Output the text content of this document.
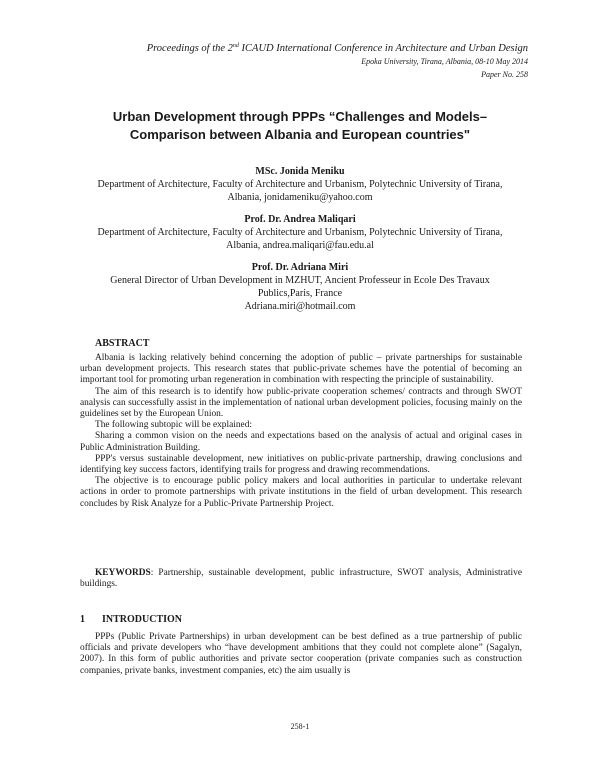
Proceedings of the 2nd ICAUD International Conference in Architecture and Urban Design
Epoka University, Tirana, Albania, 08-10 May 2014
Paper No. 258
Urban Development through PPPs “Challenges and Models–
Comparison between Albania and European countries"
MSc. Jonida Meniku
Department of Architecture, Faculty of Architecture and Urbanism, Polytechnic University of Tirana,
Albania, jonidameniku@yahoo.com
Prof. Dr. Andrea Maliqari
Department of Architecture, Faculty of Architecture and Urbanism, Polytechnic University of Tirana,
Albania, andrea.maliqari@fau.edu.al
Prof. Dr. Adriana Miri
General Director of Urban Development in MZHUT, Ancient Professeur in Ecole Des Travaux
Publics,Paris, France
Adriana.miri@hotmail.com
ABSTRACT

Albania is lacking relatively behind concerning the adoption of public – private partnerships for sustainable urban development projects. This research states that public-private schemes have the potential of becoming an important tool for promoting urban regeneration in combination with respecting the principle of sustainability.

The aim of this research is to identify how public-private cooperation schemes/ contracts and through SWOT analysis can successfully assist in the implementation of national urban development policies, focusing mainly on the guidelines set by the European Union.

The following subtopic will be explained:

Sharing a common vision on the needs and expectations based on the analysis of actual and original cases in Public Administration Building.

PPP's versus sustainable development, new initiatives on public-private partnership, drawing conclusions and identifying key success factors, identifying trails for progress and drawing recommendations.

The objective is to encourage public policy makers and local authorities in particular to undertake relevant actions in order to promote partnerships with private institutions in the field of urban development. This research concludes by Risk Analyze for a Public-Private Partnership Project.

KEYWORDS: Partnership, sustainable development, public infrastructure, SWOT analysis, Administrative buildings.
1 INTRODUCTION
PPPs (Public Private Partnerships) in urban development can be best defined as a true partnership of public officials and private developers who “have development ambitions that they could not complete alone” (Sagalyn, 2007). In this form of public authorities and private sector cooperation (private companies such as construction companies, private banks, investment companies, etc) the aim usually is
258-1
